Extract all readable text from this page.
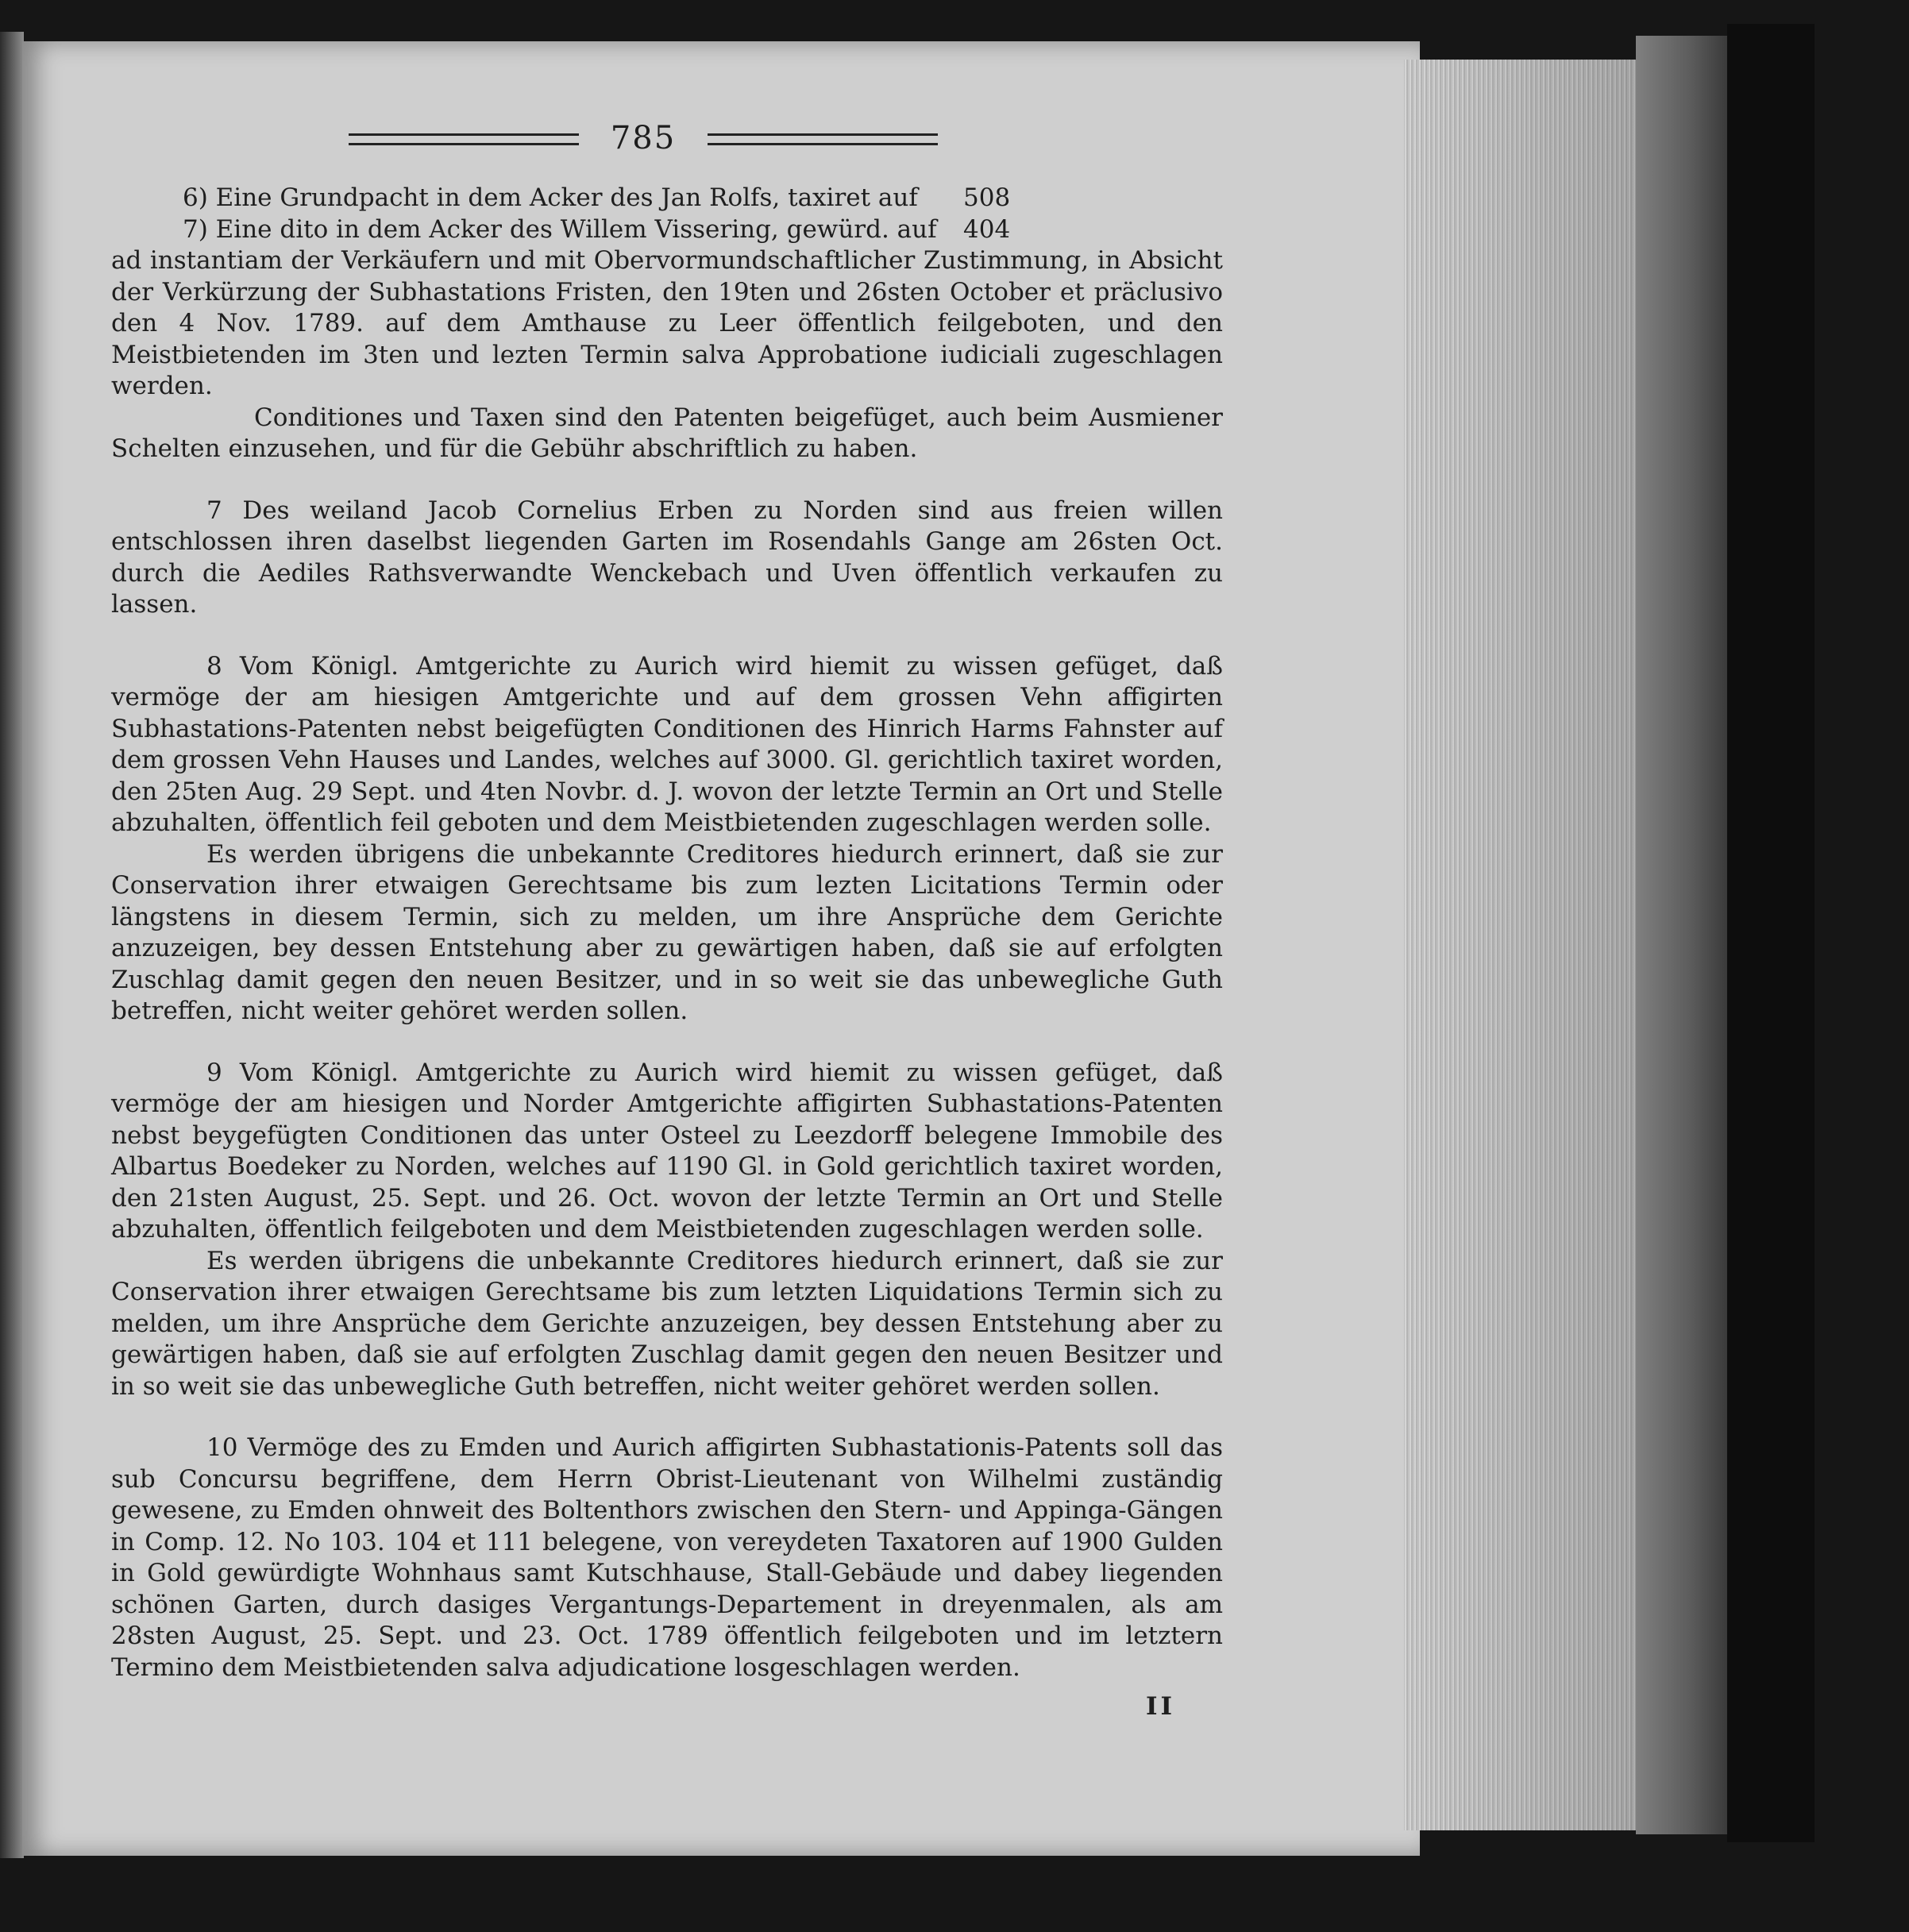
785
6) Eine Grundpacht in dem Acker des Jan Rolfs, taxiret auf 508
7) Eine dito in dem Acker des Willem Vissering, gewürd. auf 404

ad instantiam der Verkäufern und mit Obervormundschaftlicher Zustimmung, in Absicht der Verkürzung der Subhastations Fristen, den 19ten und 26sten October et präclusivo den 4 Nov. 1789. auf dem Amthause zu Leer öffentlich feilgeboten, und den Meistbietenden im 3ten und lezten Termin salva Approbatione iudiciali zugeschlagen werden.

Conditiones und Taxen sind den Patenten beigefüget, auch beim Ausmiener Schelten einzusehen, und für die Gebühr abschriftlich zu haben.

7 Des weiland Jacob Cornelius Erben zu Norden sind aus freien willen entschlossen ihren daselbst liegenden Garten im Rosendahls Gange am 26sten Oct. durch die Aediles Rathsverwandte Wenckebach und Uven öffentlich verkaufen zu lassen.

8 Vom Königl. Amtgerichte zu Aurich wird hiemit zu wissen gefüget, daß vermöge der am hiesigen Amtgerichte und auf dem grossen Vehn affigirten Subhastations-Patenten nebst beigefügten Conditionen des Hinrich Harms Fahnster auf dem grossen Vehn Hauses und Landes, welches auf 3000. Gl. gerichtlich taxiret worden, den 25ten Aug. 29 Sept. und 4ten Novbr. d. J. wovon der letzte Termin an Ort und Stelle abzuhalten, öffentlich feil geboten und dem Meistbietenden zugeschlagen werden solle.

Es werden übrigens die unbekannte Creditores hiedurch erinnert, daß sie zur Conservation ihrer etwaigen Gerechtsame bis zum lezten Licitations Termin oder längstens in diesem Termin, sich zu melden, um ihre Ansprüche dem Gerichte anzuzeigen, bey dessen Entstehung aber zu gewärtigen haben, daß sie auf erfolgten Zuschlag damit gegen den neuen Besitzer, und in so weit sie das unbewegliche Guth betreffen, nicht weiter gehöret werden sollen.

9 Vom Königl. Amtgerichte zu Aurich wird hiemit zu wissen gefüget, daß vermöge der am hiesigen und Norder Amtgerichte affigirten Subhastations-Patenten nebst beygefügten Conditionen das unter Osteel zu Leezdorff belegene Immobile des Albartus Boedeker zu Norden, welches auf 1190 Gl. in Gold gerichtlich taxiret worden, den 21sten August, 25. Sept. und 26. Oct. wovon der letzte Termin an Ort und Stelle abzuhalten, öffentlich feilgeboten und dem Meistbietenden zugeschlagen werden solle.

Es werden übrigens die unbekannte Creditores hiedurch erinnert, daß sie zur Conservation ihrer etwaigen Gerechtsame bis zum letzten Liquidations Termin sich zu melden, um ihre Ansprüche dem Gerichte anzuzeigen, bey dessen Entstehung aber zu gewärtigen haben, daß sie auf erfolgten Zuschlag damit gegen den neuen Besitzer und in so weit sie das unbewegliche Guth betreffen, nicht weiter gehöret werden sollen.

10 Vermöge des zu Emden und Aurich affigirten Subhastationis-Patents soll das sub Concursu begriffene, dem Herrn Obrist-Lieutenant von Wilhelmi zuständig gewesene, zu Emden ohnweit des Boltenthors zwischen den Stern- und Appinga-Gängen in Comp. 12. No 103. 104 et 111 belegene, von vereydeten Taxatoren auf 1900 Gulden in Gold gewürdigte Wohnhaus samt Kutschhause, Stall-Gebäude und dabey liegenden schönen Garten, durch dasiges Vergantungs-Departement in dreyenmalen, als am 28sten August, 25. Sept. und 23. Oct. 1789 öffentlich feilgeboten und im letztern Termino dem Meistbietenden salva adjudicatione losgeschlagen werden.

II
